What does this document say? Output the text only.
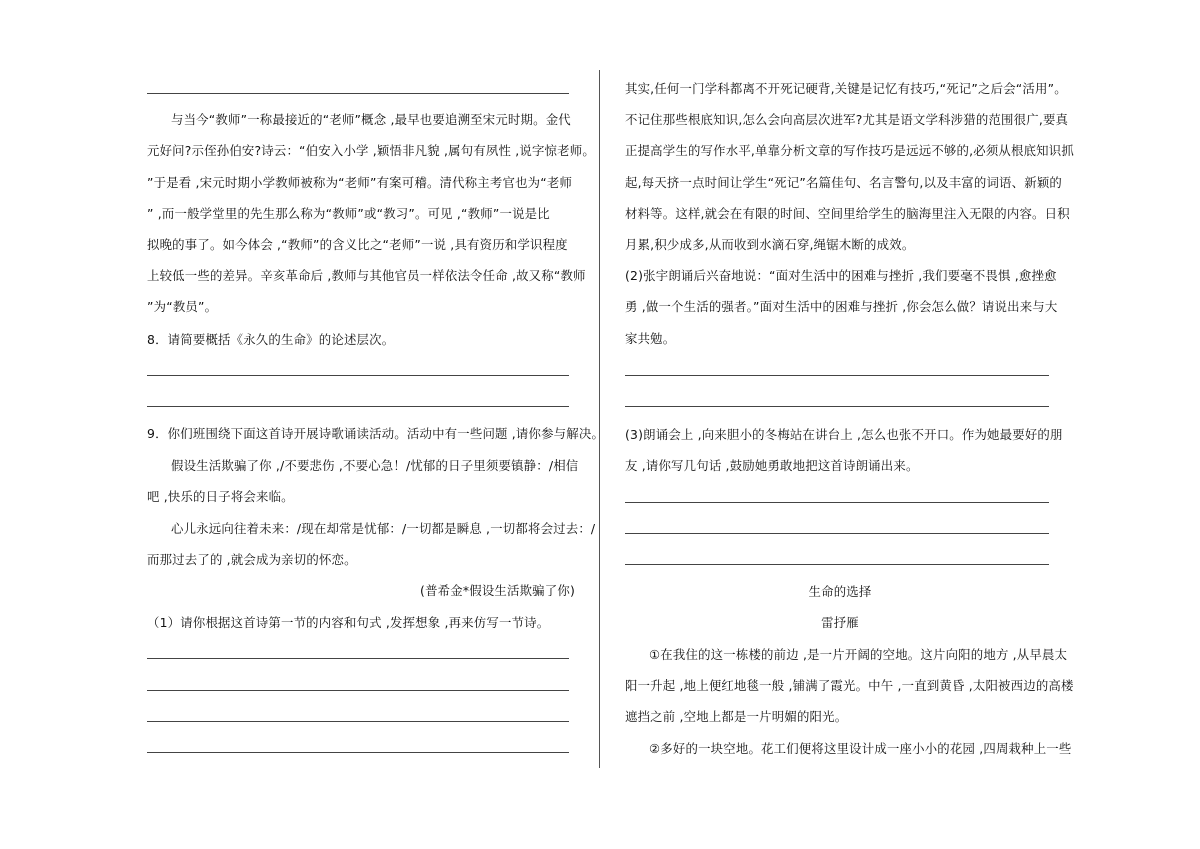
与当今“教师”一称最接近的“老师”概念 ,最早也要追溯至宋元时期。金代
元好问?示侄孙伯安?诗云：“伯安入小学 ,颖悟非凡貌 ,属句有夙性 ,说字惊老师。
”于是看 ,宋元时期小学教师被称为“老师”有案可稽。清代称主考官也为“老师
” ,而一般学堂里的先生那么称为“教师”或“教习”。可见 ,“教师”一说是比
拟晚的事了。如今体会 ,“教师”的含义比之“老师”一说 ,具有资历和学识程度
上较低一些的差异。辛亥革命后 ,教师与其他官员一样依法令任命 ,故又称“教师
”为“教员”。
8．请简要概括《永久的生命》的论述层次。
9．你们班围绕下面这首诗开展诗歌诵读活动。活动中有一些问题 ,请你参与解决。
假设生活欺骗了你 ,/不要悲伤 ,不要心急！/忧郁的日子里须要镇静：/相信
吧 ,快乐的日子将会来临。
心儿永远向往着未来：/现在却常是忧郁：/一切都是瞬息 ,一切都将会过去：/
而那过去了的 ,就会成为亲切的怀恋。
(普希金*假设生活欺骗了你)
（1）请你根据这首诗第一节的内容和句式 ,发挥想象 ,再来仿写一节诗。
其实,任何一门学科都离不开死记硬背,关键是记忆有技巧,“死记”之后会“活用”。
不记住那些根底知识,怎么会向高层次进军?尤其是语文学科涉猎的范围很广,要真
正提高学生的写作水平,单靠分析文章的写作技巧是远远不够的,必须从根底知识抓
起,每天挤一点时间让学生“死记”名篇佳句、名言警句,以及丰富的词语、新颖的
材料等。这样,就会在有限的时间、空间里给学生的脑海里注入无限的内容。日积
月累,积少成多,从而收到水滴石穿,绳锯木断的成效。
(2)张宇朗诵后兴奋地说：“面对生活中的困难与挫折 ,我们要毫不畏惧 ,愈挫愈
勇 ,做一个生活的强者。”面对生活中的困难与挫折 ,你会怎么做？请说出来与大
家共勉。
(3)朗诵会上 ,向来胆小的冬梅站在讲台上 ,怎么也张不开口。作为她最要好的朋
友 ,请你写几句话 ,鼓励她勇敢地把这首诗朗诵出来。
生命的选择
雷抒雁
①在我住的这一栋楼的前边 ,是一片开阔的空地。这片向阳的地方 ,从早晨太
阳一升起 ,地上便红地毯一般 ,铺满了霞光。中午 ,一直到黄昏 ,太阳被西边的高楼
遮挡之前 ,空地上都是一片明媚的阳光。
②多好的一块空地。花工们便将这里设计成一座小小的花园 ,四周栽种上一些
